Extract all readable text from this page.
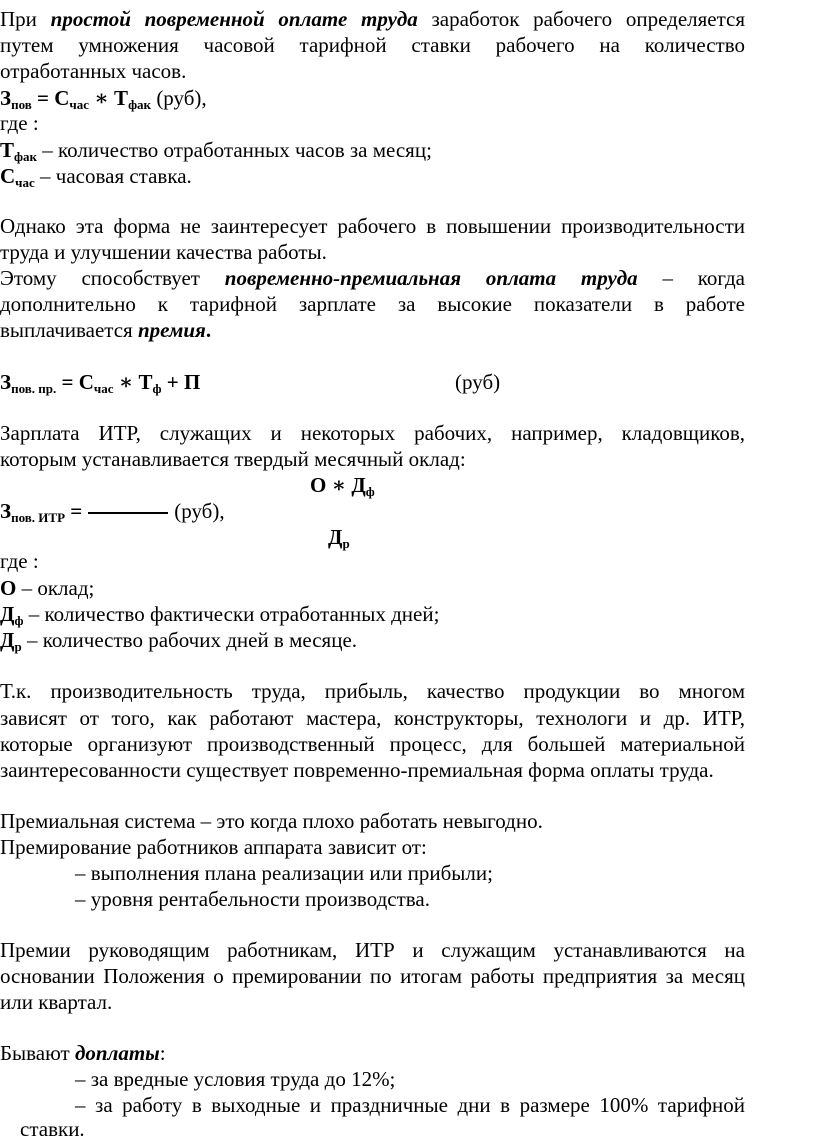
При простой повременной оплате труда заработок рабочего определяется
путем умножения часовой тарифной ставки рабочего на количество
отработанных часов.
$З_{пов} = С_{час}$ ∗ $Т_{фак}$ (руб),
где :
$Т_{фак}$ – количество отработанных часов за месяц;
$С_{час}$ – часовая ставка.
Однако эта форма не заинтересует рабочего в повышении производительности
труда и улучшении качества работы.
Этому способствует повременно-премиальная оплата труда – когда
дополнительно к тарифной зарплате за высокие показатели в работе
выплачивается премия.
$З_{пов. пр.} = С_{час}$ ∗ $Т_ф + П$	(руб)
Зарплата ИТР, служащих и некоторых рабочих, например, кладовщиков,
которым устанавливается твердый месячный оклад:
О ∗ $Д_ф$
$З_{пов. ИТР}$ =	(руб),
$Д_р$
где :
О – оклад;
$Д_ф$ – количество фактически отработанных дней;
$Д_р$ – количество рабочих дней в месяце.
Т.к. производительность труда, прибыль, качество продукции во многом
зависят от того, как работают мастера, конструкторы, технологи и др. ИТР,
которые организуют производственный процесс, для большей материальной
заинтересованности существует повременно-премиальная форма оплаты труда.
Премиальная система – это когда плохо работать невыгодно.
Премирование работников аппарата зависит от:
– выполнения плана реализации или прибыли;
– уровня рентабельности производства.
Премии руководящим работникам, ИТР и служащим устанавливаются на
основании Положения о премировании по итогам работы предприятия за месяц
или квартал.
Бывают доплаты:
– за вредные условия труда до 12%;
– за работу в выходные и праздничные дни в размере 100% тарифной
ставки.
